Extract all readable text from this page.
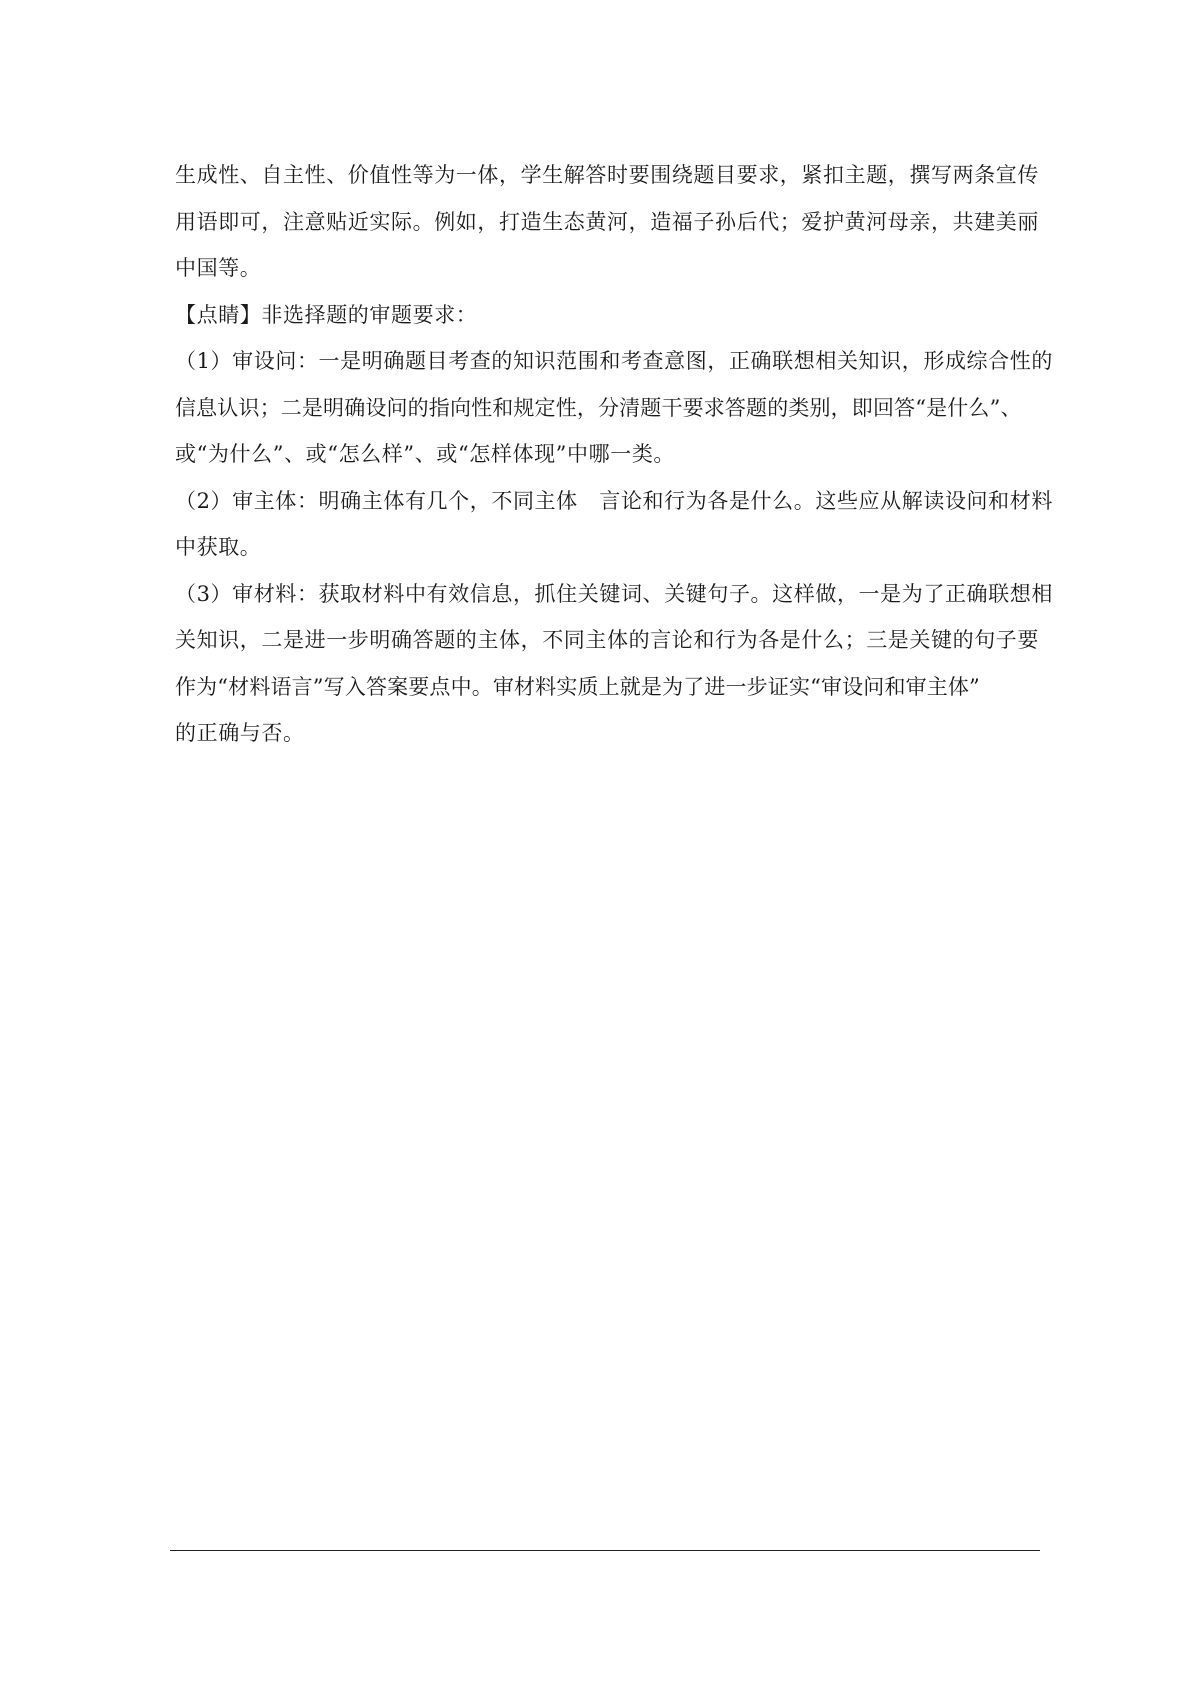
生成性、自主性、价值性等为一体，学生解答时要围绕题目要求，紧扣主题，撰写两条宣传
用语即可，注意贴近实际。例如，打造生态黄河，造福子孙后代；爱护黄河母亲，共建美丽
中国等。
【点睛】非选择题的审题要求：
（1）审设问：一是明确题目考查的知识范围和考查意图，正确联想相关知识，形成综合性的
信息认识；二是明确设问的指向性和规定性，分清题干要求答题的类别，即回答“是什么”、
或“为什么”、或“怎么样”、或“怎样体现”中哪一类。
（2）审主体：明确主体有几个，不同主体　言论和行为各是什么。这些应从解读设问和材料
中获取。
（3）审材料：获取材料中有效信息，抓住关键词、关键句子。这样做，一是为了正确联想相
关知识，二是进一步明确答题的主体，不同主体的言论和行为各是什么；三是关键的句子要
作为“材料语言”写入答案要点中。审材料实质上就是为了进一步证实“审设问和审主体”
的正确与否。
